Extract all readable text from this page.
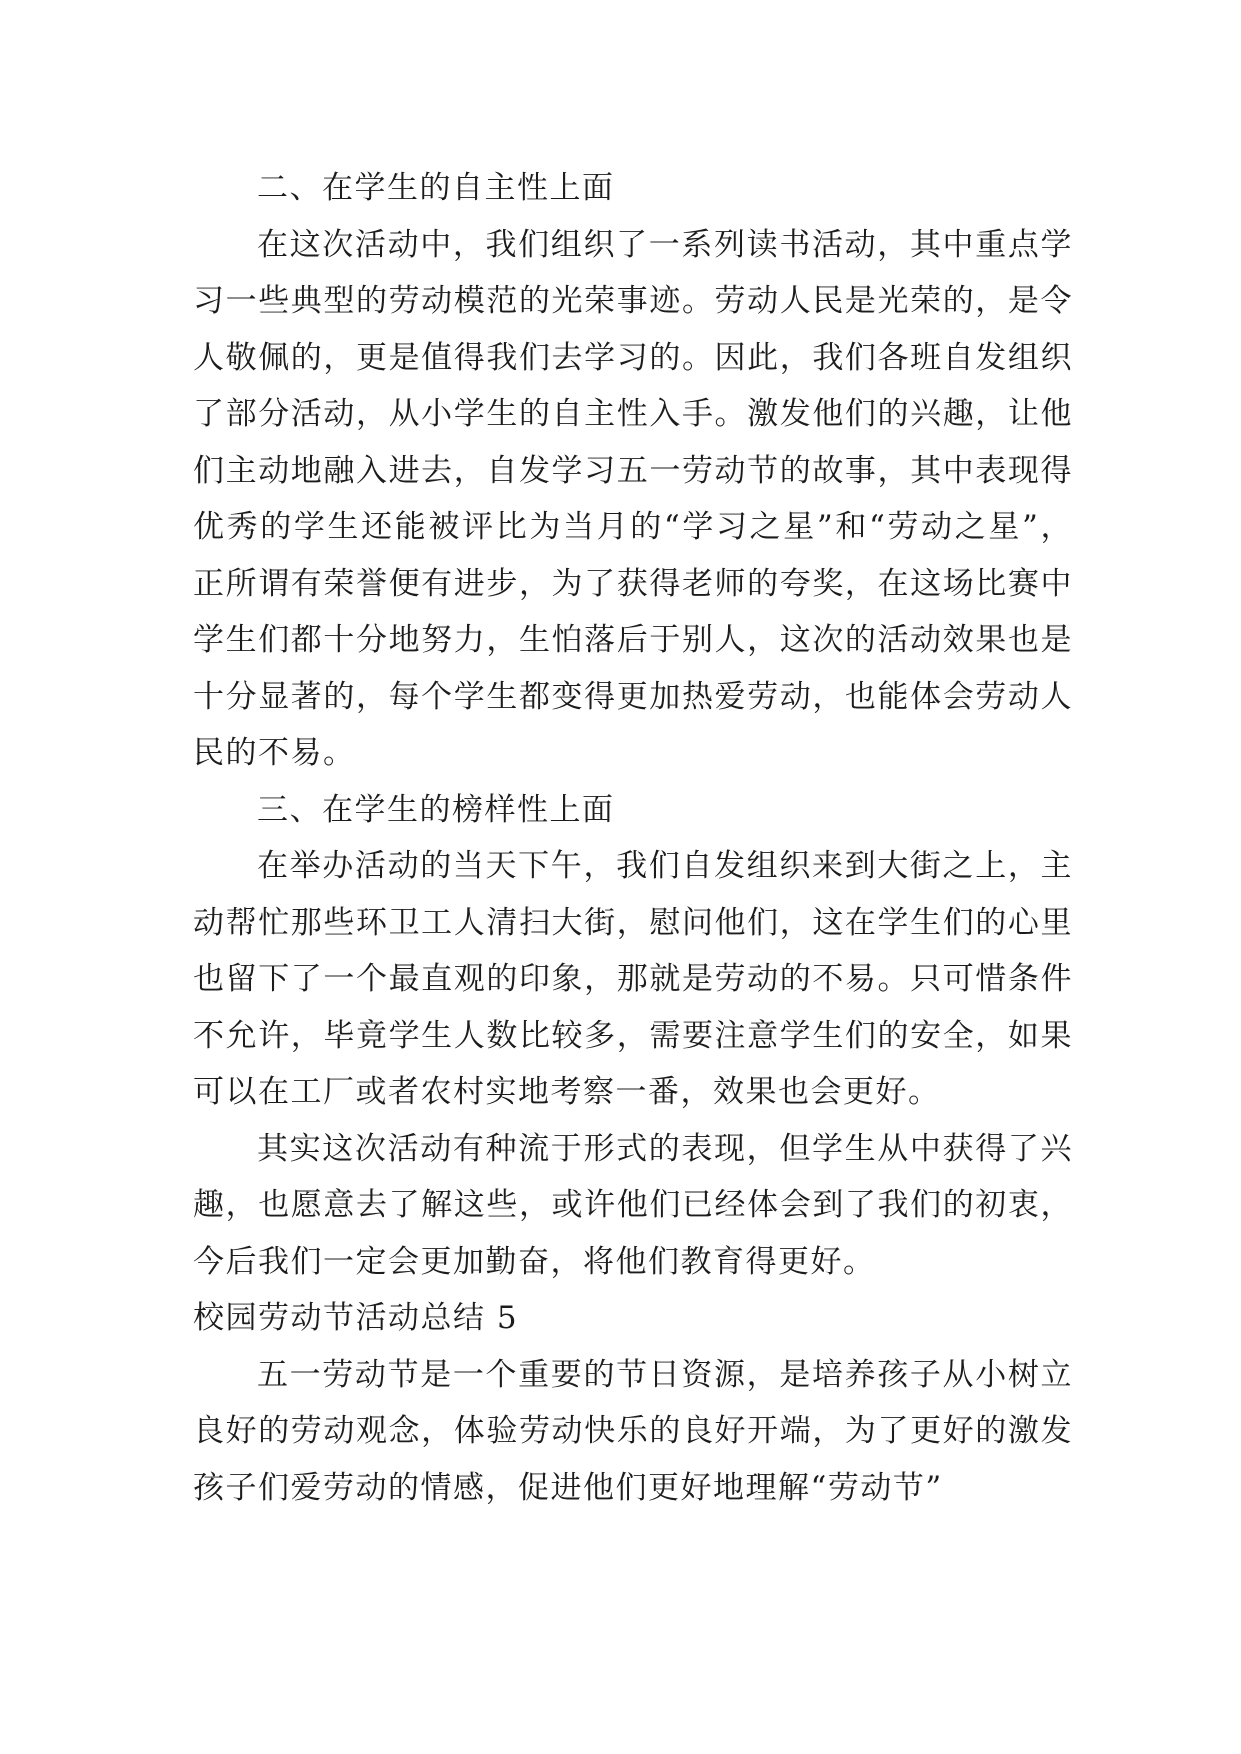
二、在学生的自主性上面

在这次活动中，我们组织了一系列读书活动，其中重点学习一些典型的劳动模范的光荣事迹。劳动人民是光荣的，是令人敬佩的，更是值得我们去学习的。因此，我们各班自发组织了部分活动，从小学生的自主性入手。激发他们的兴趣，让他们主动地融入进去，自发学习五一劳动节的故事，其中表现得优秀的学生还能被评比为当月的“学习之星”和“劳动之星”，正所谓有荣誉便有进步，为了获得老师的夸奖，在这场比赛中学生们都十分地努力，生怕落后于别人，这次的活动效果也是十分显著的，每个学生都变得更加热爱劳动，也能体会劳动人民的不易。

三、在学生的榜样性上面

在举办活动的当天下午，我们自发组织来到大街之上，主动帮忙那些环卫工人清扫大街，慰问他们，这在学生们的心里也留下了一个最直观的印象，那就是劳动的不易。只可惜条件不允许，毕竟学生人数比较多，需要注意学生们的安全，如果可以在工厂或者农村实地考察一番，效果也会更好。

其实这次活动有种流于形式的表现，但学生从中获得了兴趣，也愿意去了解这些，或许他们已经体会到了我们的初衷，今后我们一定会更加勤奋，将他们教育得更好。

校园劳动节活动总结 5

五一劳动节是一个重要的节日资源，是培养孩子从小树立良好的劳动观念，体验劳动快乐的良好开端，为了更好的激发孩子们爱劳动的情感，促进他们更好地理解“劳动节”
